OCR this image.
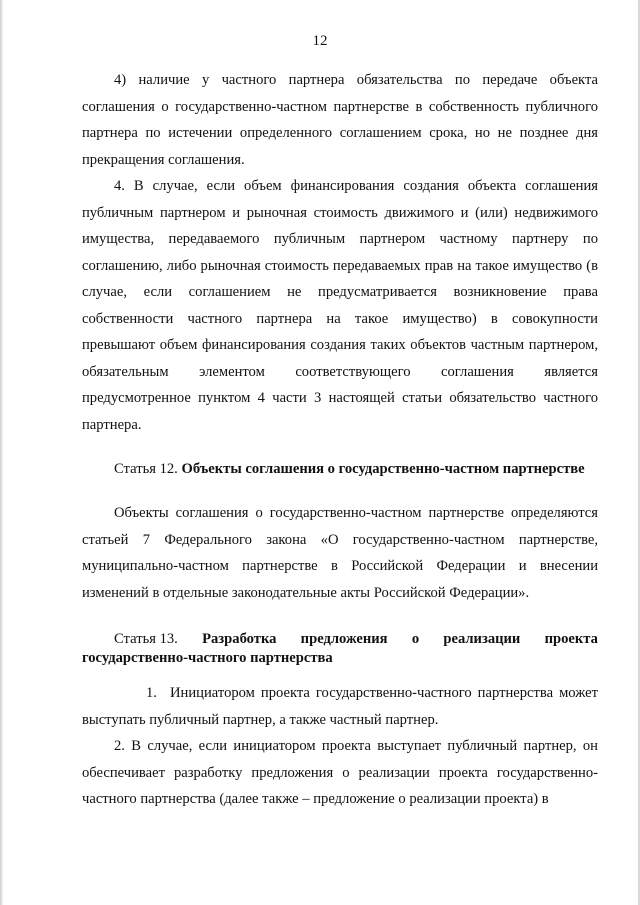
12

4) наличие у частного партнера обязательства по передаче объекта соглашения о государственно-частном партнерстве в собственность публичного партнера по истечении определенного соглашением срока, но не позднее дня прекращения соглашения.

4. В случае, если объем финансирования создания объекта соглашения публичным партнером и рыночная стоимость движимого и (или) недвижимого имущества, передаваемого публичным партнером частному партнеру по соглашению, либо рыночная стоимость передаваемых прав на такое имущество (в случае, если соглашением не предусматривается возникновение права собственности частного партнера на такое имущество) в совокупности превышают объем финансирования создания таких объектов частным партнером, обязательным элементом соответствующего соглашения является предусмотренное пунктом 4 части 3 настоящей статьи обязательство частного партнера.

Статья 12. Объекты соглашения о государственно-частном партнерстве

Объекты соглашения о государственно-частном партнерстве определяются статьей 7 Федерального закона «О государственно-частном партнерстве, муниципально-частном партнерстве в Российской Федерации и внесении изменений в отдельные законодательные акты Российской Федерации».

Статья 13. Разработка предложения о реализации проекта
государственно-частного партнерства

1. Инициатором проекта государственно-частного партнерства может выступать публичный партнер, а также частный партнер.

2. В случае, если инициатором проекта выступает публичный партнер, он обеспечивает разработку предложения о реализации проекта государственно-частного партнерства (далее также – предложение о реализации проекта) в
